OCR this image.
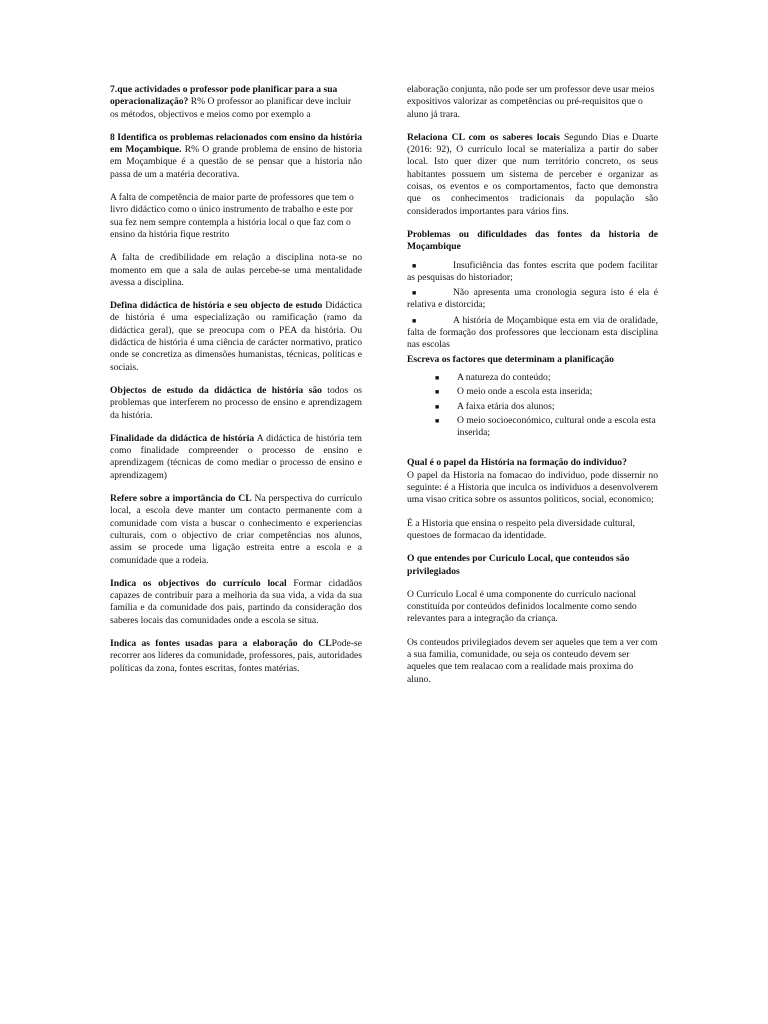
7.que actividades o professor pode planificar para a sua operacionalização? R% O professor ao planificar deve incluir os métodos, objectivos e meios como por exemplo a

8 Identifica os problemas relacionados com ensino da história em Moçambique. R% O grande problema de ensino de historia em Moçambique é a questão de se pensar que a historia não passa de um a matéria decorativa.

A falta de competência de maior parte de professores que tem o livro didáctico como o único instrumento de trabalho e este por sua fez nem sempre contempla a história local o que faz com o ensino da história fique restrito

A falta de credibilidade em relação a disciplina nota-se no momento em que a sala de aulas percebe-se uma mentalidade avessa a disciplina.

Defina didáctica de história e seu objecto de estudo Didáctica de história é uma especialização ou ramificação (ramo da didáctica geral), que se preocupa com o PEA da história. Ou didáctica de história é uma ciência de carácter normativo, pratico onde se concretiza as dimensões humanistas, técnicas, políticas e sociais.

Objectos de estudo da didáctica de história são todos os problemas que interferem no processo de ensino e aprendizagem da história.

Finalidade da didáctica de história A didáctica de história tem como finalidade compreender o processo de ensino e aprendizagem (técnicas de como mediar o processo de ensino e aprendizagem)

Refere sobre a importância do CL Na perspectiva do currículo local, a escola deve manter um contacto permanente com a comunidade com vista a buscar o conhecimento e experiencias culturais, com o objectivo de criar competências nos alunos, assim se procede uma ligação estreita entre a escola e a comunidade que a rodeia.

Indica os objectivos do currículo local Formar cidadãos capazes de contribuir para a melhoria da sua vida, a vida da sua família e da comunidade dos pais, partindo da consideração dos saberes locais das comunidades onde a escola se situa.

Indica as fontes usadas para a elaboração do CLPode-se recorrer aos líderes da comunidade, professores, pais, autoridades políticas da zona, fontes escritas, fontes matérias.

elaboração conjunta, não pode ser um professor deve usar meios expositivos valorizar as competências ou pré-requisitos que o aluno já trara.

Relaciona CL com os saberes locais Segundo Dias e Duarte (2016: 92), O currículo local se materializa a partir do saber local. Isto quer dizer que num território concreto, os seus habitantes possuem um sistema de perceber e organizar as coisas, os eventos e os comportamentos, facto que demonstra que os conhecimentos tradicionais da população são considerados importantes para vários fins.

Problemas ou dificuldades das fontes da historia de Moçambique

■	Insuficiência das fontes escrita que podem facilitar as pesquisas do historiador;
■	Não apresenta uma cronologia segura isto é ela é relativa e distorcida;
■	A história de Moçambique esta em via de oralidade, falta de formação dos professores que leccionam esta disciplina nas escolas

Escreva os factores que determinam a planificação

■ A natureza do conteúdo;
■ O meio onde a escola esta inserida;
■ A faixa etária dos alunos;
■ O meio socioeconómico, cultural onde a escola esta inserida;

Qual é o papel da História na formação do individuo?

O papel da Historia na fomacao do individuo, pode dissernir no seguinte: é a Historia que inculca os individuos a desenvolverem uma visao critica sobre os assuntos politicos, social, economico;

É a Historia que ensina o respeito pela diversidade cultural, questoes de formacao da identidade.

O que entendes por Curiculo Local, que conteudos são privilegiados

O Currículo Local é uma componente do currículo nacional constituída por conteúdos definidos localmente como sendo relevantes para a integração da criança.

Os conteudos privilegiados devem ser aqueles que tem a ver com a sua familia, comunidade, ou seja os conteudo devem ser aqueles que tem realacao com a realidade mais proxima do aluno.
